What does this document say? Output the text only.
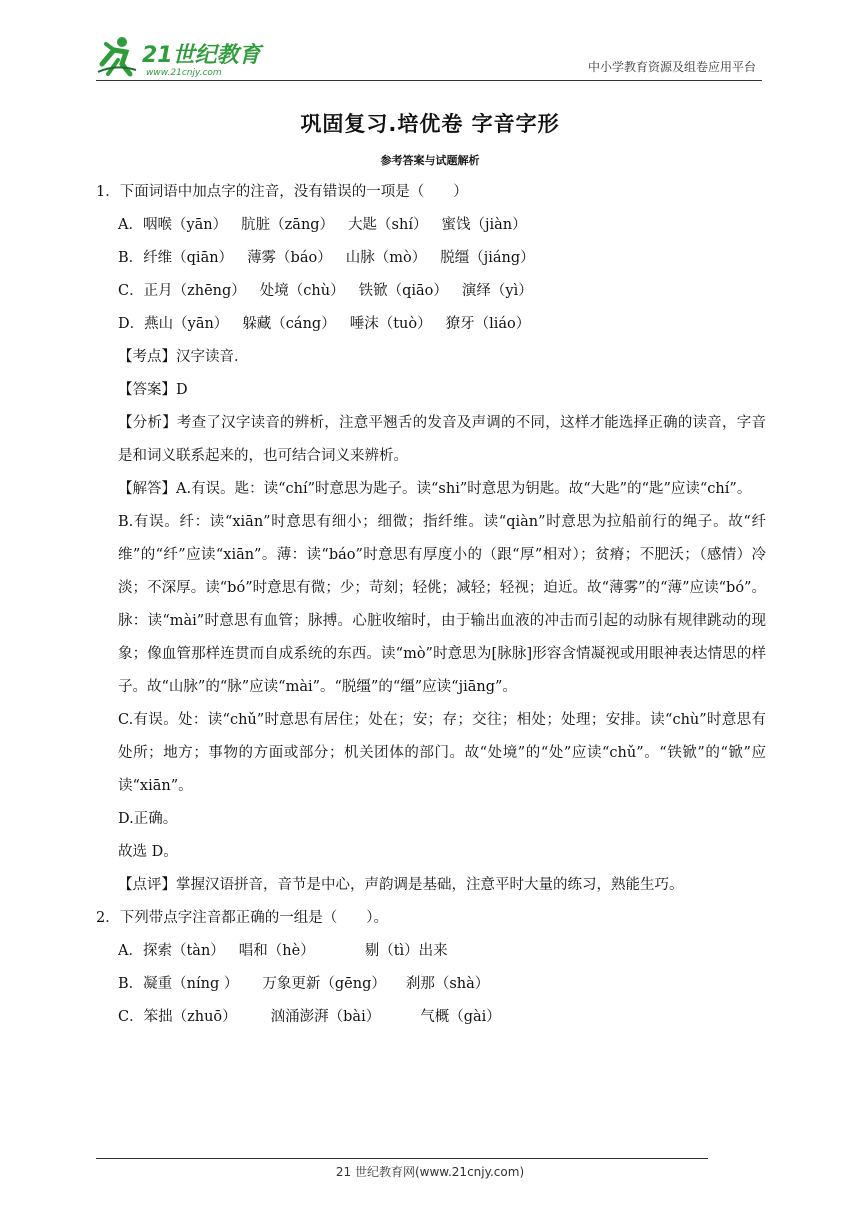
21世纪教育
www.21cnjy.com	中小学教育资源及组卷应用平台
巩固复习.培优卷 字音字形
参考答案与试题解析

1．下面词语中加点字的注音，没有错误的一项是（　　）

A．咽喉（yān） 肮脏（zāng） 大匙（shí） 蜜饯（jiàn）

B．纤维（qiān） 薄雾（báo） 山脉（mò） 脱缰（jiáng）

C．正月（zhēng） 处境（chù） 铁锨（qiāo） 演绎（yì）

D．燕山（yān） 躲藏（cáng） 唾沫（tuò） 獠牙（liáo）

【考点】汉字读音．

【答案】D

【分析】考查了汉字读音的辨析，注意平翘舌的发音及声调的不同，这样才能选择正确的读音，字音是和词义联系起来的，也可结合词义来辨析。

【解答】A.有误。匙：读“chí”时意思为匙子。读“shi”时意思为钥匙。故“大匙”的“匙”应读“chí”。

B.有误。纤：读“xiān”时意思有细小；细微；指纤维。读“qiàn”时意思为拉船前行的绳子。故“纤维”的“纤”应读“xiān”。薄：读“báo”时意思有厚度小的（跟“厚”相对）；贫瘠；不肥沃；（感情）冷淡；不深厚。读“bó”时意思有微；少；苛刻；轻佻；减轻；轻视；迫近。故“薄雾”的“薄”应读“bó”。脉：读“mài”时意思有血管；脉搏。心脏收缩时，由于输出血液的冲击而引起的动脉有规律跳动的现象；像血管那样连贯而自成系统的东西。读“mò”时意思为[脉脉]形容含情凝视或用眼神表达情思的样子。故“山脉”的“脉”应读“mài”。“脱缰”的“缰”应读“jiāng”。

C.有误。处：读“chǔ”时意思有居住；处在；安；存；交往；相处；处理；安排。读“chù”时意思有处所；地方；事物的方面或部分；机关团体的部门。故“处境”的“处”应读“chǔ”。“铁锨”的“锨”应读“xiān”。

D.正确。

故选 D。

【点评】掌握汉语拼音，音节是中心，声韵调是基础，注意平时大量的练习，熟能生巧。

2．下列带点字注音都正确的一组是（　　）。

A．探索（tàn） 唱和（hè）	剔（tì）出来

B．凝重（níng ） 万象更新（gēng） 刹那（shà）

C．笨拙（zhuō） 汹涌澎湃（bài）	气概（gài）

21 世纪教育网(www.21cnjy.com)
